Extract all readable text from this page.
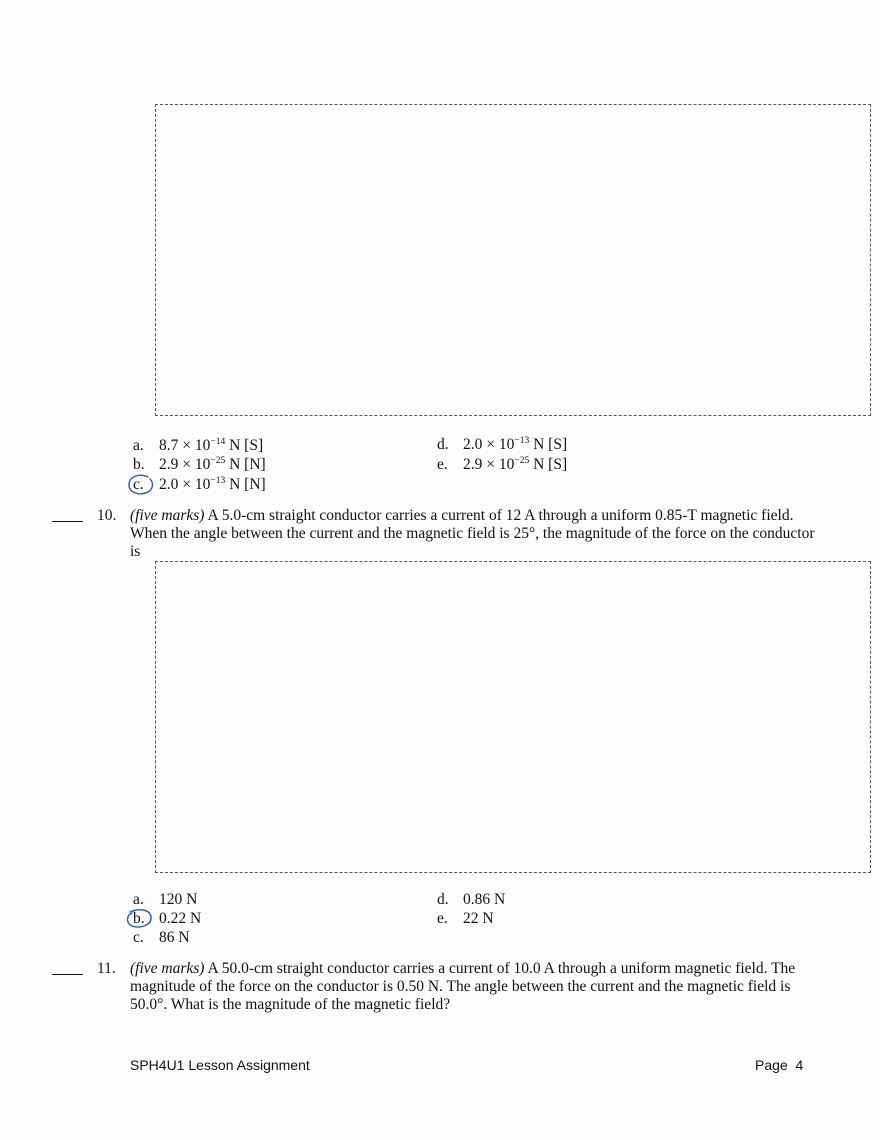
a. $8.7 \times 10^{-14}$ N [S]
b. $2.9 \times 10^{-25}$ N [N]
c. $2.0 \times 10^{-13}$ N [N]
d. $2.0 \times 10^{-13}$ N [S]
e. $2.9 \times 10^{-25}$ N [S]
10. (five marks) A 5.0-cm straight conductor carries a current of 12 A through a uniform 0.85-T magnetic field.
When the angle between the current and the magnetic field is 25°, the magnitude of the force on the conductor
is
a. 120 N
b. 0.22 N
c. 86 N
d. 0.86 N
e. 22 N
11. (five marks) A 50.0-cm straight conductor carries a current of 10.0 A through a uniform magnetic field. The
magnitude of the force on the conductor is 0.50 N. The angle between the current and the magnetic field is
50.0°. What is the magnitude of the magnetic field?
SPH4U1 Lesson Assignment	Page 4
